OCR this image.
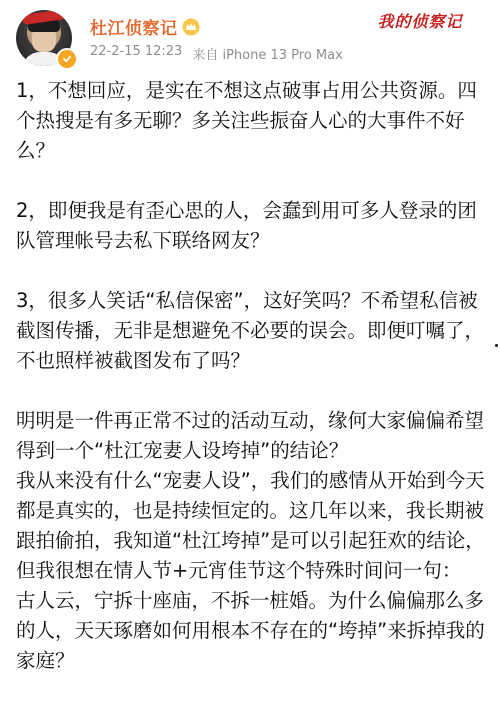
杜江侦察记
22-2-15 12:23 来自 iPhone 13 Pro Max
我的侦察记

1，不想回应，是实在不想这点破事占用公共资源。四个热搜是有多无聊？多关注些振奋人心的大事件不好么？

2，即便我是有歪心思的人，会蠢到用可多人登录的团队管理帐号去私下联络网友？

3，很多人笑话“私信保密”，这好笑吗？不希望私信被截图传播，无非是想避免不必要的误会。即便叮嘱了，不也照样被截图发布了吗？

明明是一件再正常不过的活动互动，缘何大家偏偏希望得到一个“杜江宠妻人设垮掉”的结论？

我从来没有什么“宠妻人设”，我们的感情从开始到今天都是真实的，也是持续恒定的。这几年以来，我长期被跟拍偷拍，我知道“杜江垮掉”是可以引起狂欢的结论，但我很想在情人节+元宵佳节这个特殊时间问一句：

古人云，宁拆十座庙，不拆一桩婚。为什么偏偏那么多的人，天天琢磨如何用根本不存在的“垮掉”来拆掉我的家庭？
